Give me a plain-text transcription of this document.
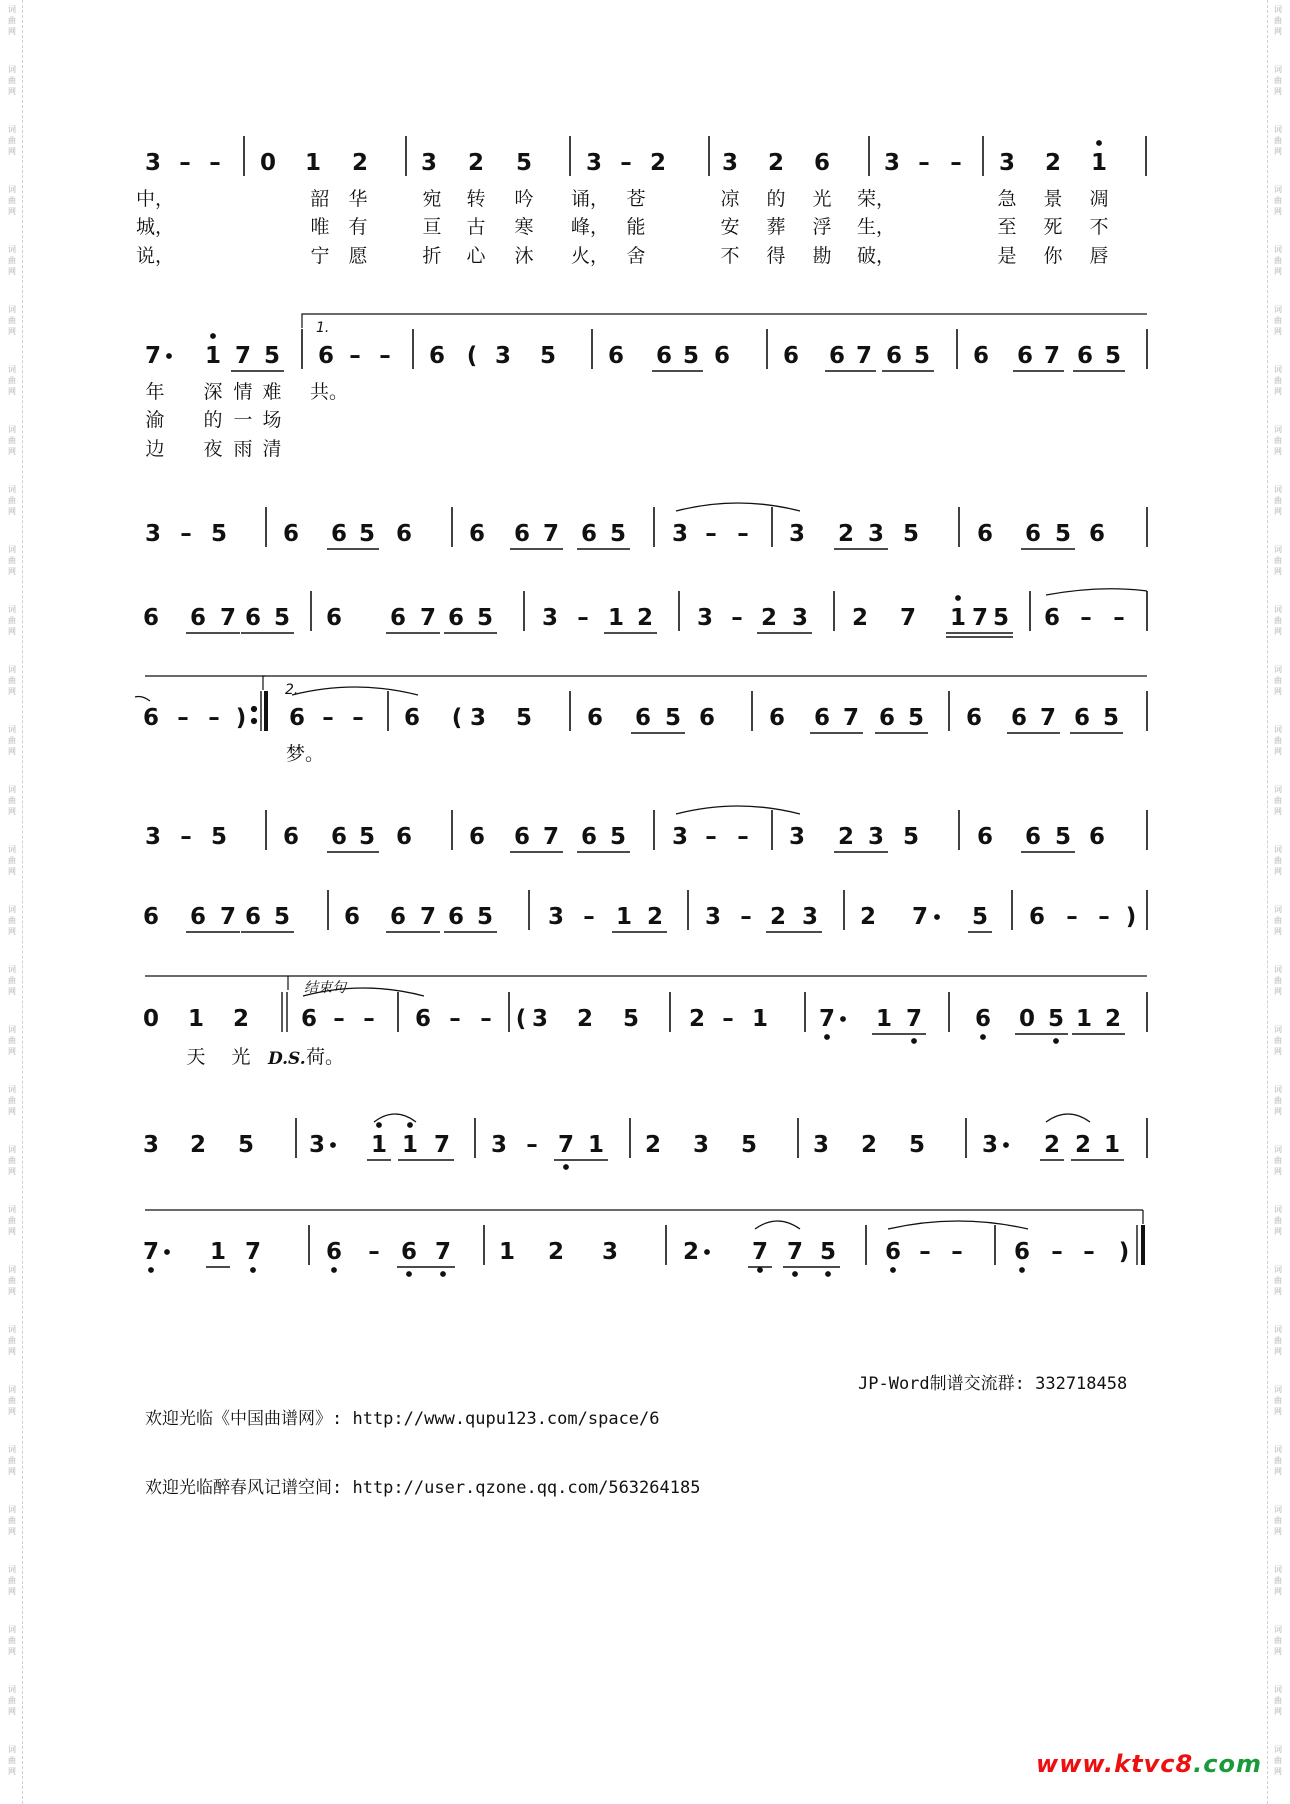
词
曲
网
词
曲
网
词
曲
网
词
曲
网
词
曲
网
词
曲
网
词
曲
网
词
曲
网
词
曲
网
词
曲
网
词
曲
网
词
曲
网
词
曲
网
词
曲
网
词
曲
网
词
曲
网
词
曲
网
词
曲
网
词
曲
网
词
曲
网
词
曲
网
词
曲
网
词
曲
网
词
曲
网
词
曲
网
词
曲
网
词
曲
网
词
曲
网
词
曲
网
词
曲
网
词
曲
网
词
曲
网
词
曲
网
词
曲
网
词
曲
网
词
曲
网
词
曲
网
词
曲
网
词
曲
网
词
曲
网
词
曲
网
词
曲
网
词
曲
网
词
曲
网
词
曲
网
词
曲
网
词
曲
网
词
曲
网
词
曲
网
词
曲
网
词
曲
网
词
曲
网
词
曲
网
词
曲
网
词
曲
网
词
曲
网
词
曲
网
词
曲
网
词
曲
网
词
曲
网
3 – – 0 1 2 3 2 5 3 – 2 3 2 6 3 – – 3 2 1
7 1 7 5 6 – – 6 ( 3 5 6 6 5 6 6 6 7 6 5 6 6 7 6 5
3 – 5 6 6 5 6 6 6 7 6 5 3 – – 3 2 3 5	6 6 5 6
6 6 7 6 5 6 6 7 6 5 3 – 1 2 3 – 2 3 2 7 1 7 5 6 – –
6 – – ) 6 – – 6 ( 3 5 6 6 5 6 6 6 7 6 5 6 6 7 6 5
3 – 5 6 6 5 6 6 6 7 6 5 3 – – 3 2 3 5	6 6 5 6
6 6 7 6 5 6 6 7 6 5 3 – 1 2 3 – 2 3 2 7 5 6 – – )
0 1 2 6 – – 6 – – ( 3 2 5 2 – 1 7 1 7 6 0 5 1 2
3 2 5 3 1 1 7 3 – 7 1 2 3 5 3 2 5 3 2 2 1
7 1 7	6 – 6 7 1 2 3	2 7 7 5 6 – – 6 – – )
中，	韶 华	宛 转 吟 诵， 苍	凉 的 光 荣，	急 景 凋
城，	唯 有	亘 古 寒 峰， 能	安 葬 浮 生，	至 死 不
说，	宁 愿	折 心 沐 火， 舍	不 得 勘 破，	是 你 唇
年 深 情 难 共。
渝 的 一 场
边 夜 雨 清
梦。
天 光	荷。
1.
2.
结束句
D.S.

欢迎光临《中国曲谱网》: http://www.qupu123.com/space/6

欢迎光临醉春风记谱空间: http://user.qzone.qq.com/563264185

JP-Word制谱交流群: 332718458
www.ktvc8.com
